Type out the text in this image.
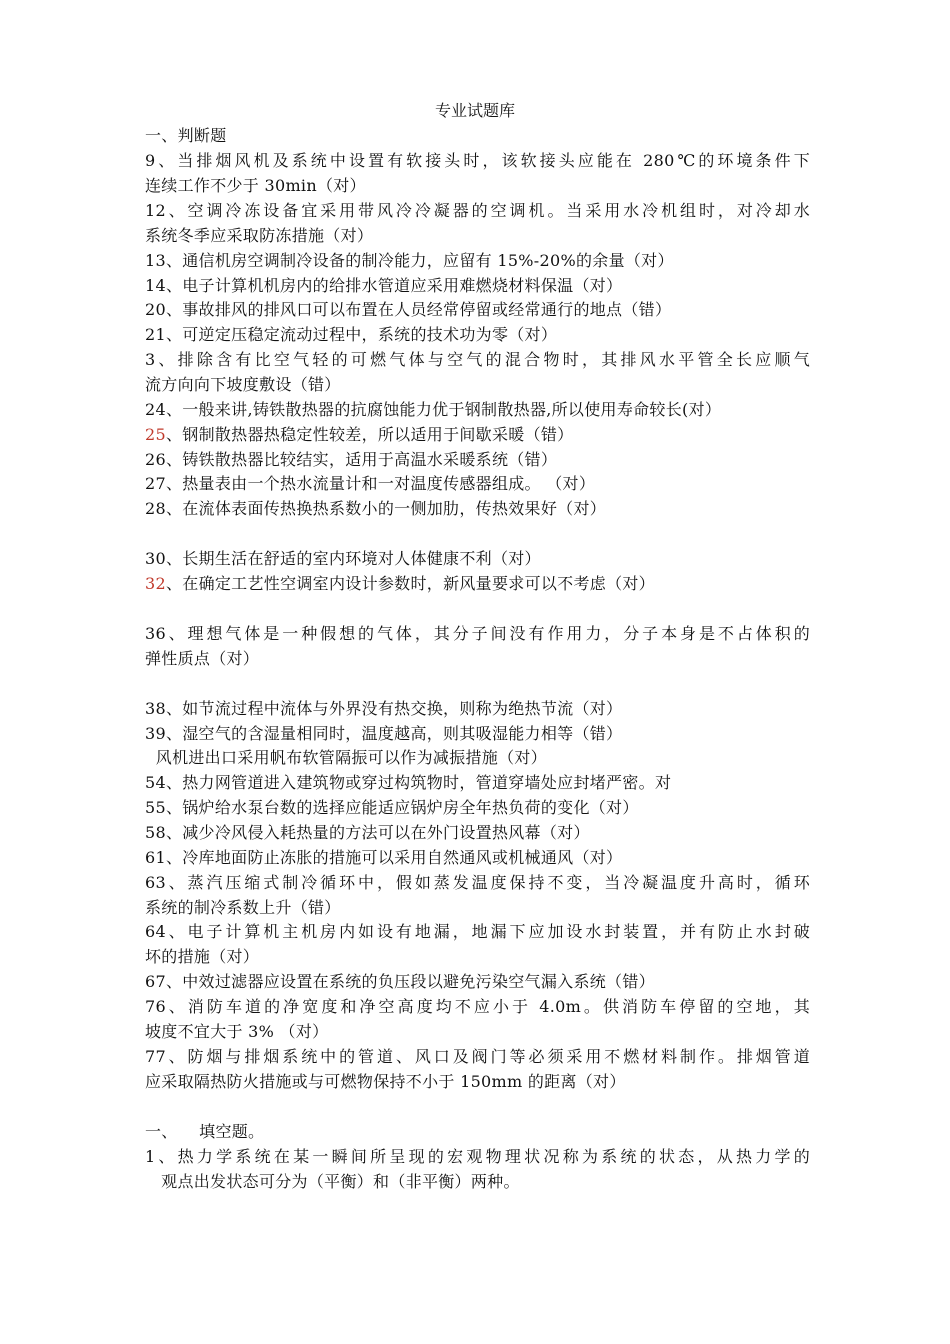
专业试题库
一、判断题
9、当排烟风机及系统中设置有软接头时，该软接头应能在 280℃的环境条件下
连续工作不少于 30min（对）
12、空调冷冻设备宜采用带风冷冷凝器的空调机。当采用水冷机组时，对冷却水
系统冬季应采取防冻措施（对）
13、通信机房空调制冷设备的制冷能力，应留有 15%-20%的余量（对）
14、电子计算机机房内的给排水管道应采用难燃烧材料保温（对）
20、事故排风的排风口可以布置在人员经常停留或经常通行的地点（错）
21、可逆定压稳定流动过程中，系统的技术功为零（对）
3、排除含有比空气轻的可燃气体与空气的混合物时，其排风水平管全长应顺气
流方向向下坡度敷设（错）
24、一般来讲,铸铁散热器的抗腐蚀能力优于钢制散热器,所以使用寿命较长(对）
25、钢制散热器热稳定性较差，所以适用于间歇采暖（错）
26、铸铁散热器比较结实，适用于高温水采暖系统（错）
27、热量表由一个热水流量计和一对温度传感器组成。 （对）
28、在流体表面传热换热系数小的一侧加肋，传热效果好（对）
30、长期生活在舒适的室内环境对人体健康不利（对）
32、在确定工艺性空调室内设计参数时，新风量要求可以不考虑（对）
36、理想气体是一种假想的气体，其分子间没有作用力，分子本身是不占体积的
弹性质点（对）
38、如节流过程中流体与外界没有热交换，则称为绝热节流（对）
39、湿空气的含湿量相同时，温度越高，则其吸湿能力相等（错）
风机进出口采用帆布软管隔振可以作为减振措施（对）
54、热力网管道进入建筑物或穿过构筑物时，管道穿墙处应封堵严密。对
55、锅炉给水泵台数的选择应能适应锅炉房全年热负荷的变化（对）
58、减少冷风侵入耗热量的方法可以在外门设置热风幕（对）
61、冷库地面防止冻胀的措施可以采用自然通风或机械通风（对）
63、蒸汽压缩式制冷循环中，假如蒸发温度保持不变，当冷凝温度升高时，循环
系统的制冷系数上升（错）
64、电子计算机主机房内如设有地漏，地漏下应加设水封装置，并有防止水封破
坏的措施（对）
67、中效过滤器应设置在系统的负压段以避免污染空气漏入系统（错）
76、消防车道的净宽度和净空高度均不应小于 4.0m。供消防车停留的空地，其
坡度不宜大于 3% （对）
77、防烟与排烟系统中的管道、风口及阀门等必须采用不燃材料制作。排烟管道
应采取隔热防火措施或与可燃物保持不小于 150mm 的距离（对）
一、    填空题。
1、热力学系统在某一瞬间所呈现的宏观物理状况称为系统的状态，从热力学的
观点出发状态可分为（平衡）和（非平衡）两种。
